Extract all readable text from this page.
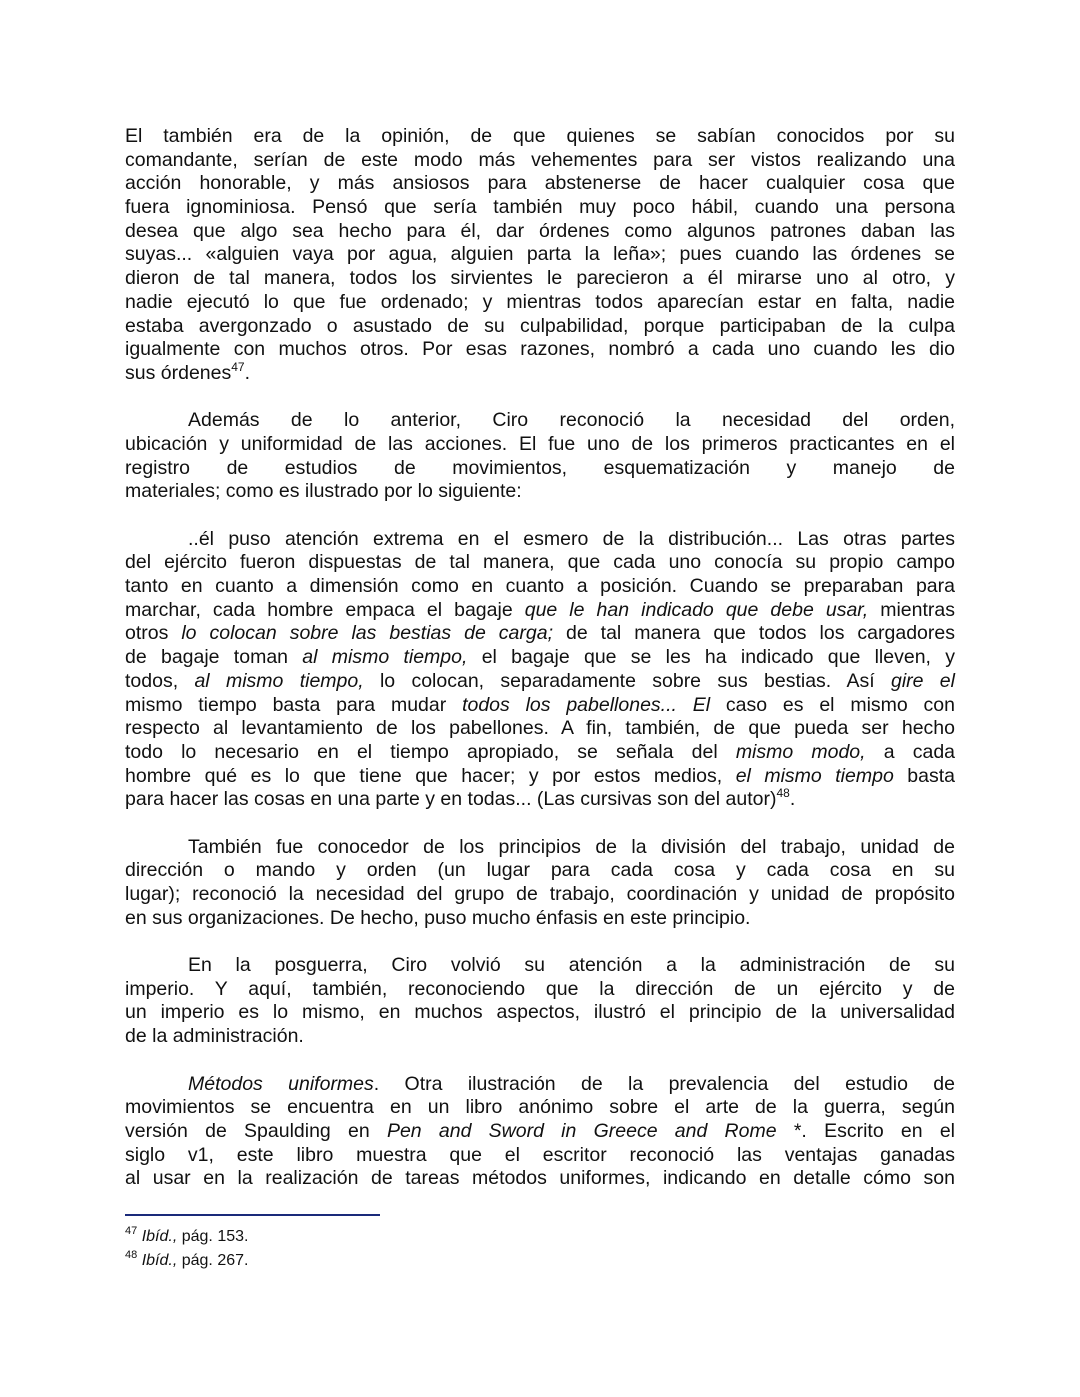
El también era de la opinión, de que quienes se sabían conocidos por su
comandante, serían de este modo más vehementes para ser vistos realizando una
acción honorable, y más ansiosos para abstenerse de hacer cualquier cosa que
fuera ignominiosa. Pensó que sería también muy poco hábil, cuando una persona
desea que algo sea hecho para él, dar órdenes como algunos patrones daban las
suyas... «alguien vaya por agua, alguien parta la leña»; pues cuando las órdenes se
dieron de tal manera, todos los sirvientes le parecieron a él mirarse uno al otro, y
nadie ejecutó lo que fue ordenado; y mientras todos aparecían estar en falta, nadie
estaba avergonzado o asustado de su culpabilidad, porque participaban de la culpa
igualmente con muchos otros. Por esas razones, nombró a cada uno cuando les dio
sus órdenes$^{47}$.
Además de lo anterior, Ciro reconoció la necesidad del orden,
ubicación y uniformidad de las acciones. El fue uno de los primeros practicantes en el
registro de estudios de movimientos, esquematización y manejo de
materiales; como es ilustrado por lo siguiente:
..él puso atención extrema en el esmero de la distribución... Las otras partes
del ejército fueron dispuestas de tal manera, que cada uno conocía su propio campo
tanto en cuanto a dimensión como en cuanto a posición. Cuando se preparaban para
marchar, cada hombre empaca el bagaje que le han indicado que debe usar, mientras
otros lo colocan sobre las bestias de carga; de tal manera que todos los cargadores
de bagaje toman al mismo tiempo, el bagaje que se les ha indicado que lleven, y
todos, al mismo tiempo, lo colocan, separadamente sobre sus bestias. Así gire el
mismo tiempo basta para mudar todos los pabellones... El caso es el mismo con
respecto al levantamiento de los pabellones. A fin, también, de que pueda ser hecho
todo lo necesario en el tiempo apropiado, se señala del mismo modo, a cada
hombre qué es lo que tiene que hacer; y por estos medios, el mismo tiempo basta
para hacer las cosas en una parte y en todas... (Las cursivas son del autor)$^{48}$.
También fue conocedor de los principios de la división del trabajo, unidad de
dirección o mando y orden (un lugar para cada cosa y cada cosa en su
lugar); reconoció la necesidad del grupo de trabajo, coordinación y unidad de propósito
en sus organizaciones. De hecho, puso mucho énfasis en este principio.
En la posguerra, Ciro volvió su atención a la administración de su
imperio. Y aquí, también, reconociendo que la dirección de un ejército y de
un imperio es lo mismo, en muchos aspectos, ilustró el principio de la universalidad
de la administración.
Métodos uniformes. Otra ilustración de la prevalencia del estudio de
movimientos se encuentra en un libro anónimo sobre el arte de la guerra, según
versión de Spaulding en Pen and Sword in Greece and Rome *. Escrito en el
siglo v1, este libro muestra que el escritor reconoció las ventajas ganadas
al usar en la realización de tareas métodos uniformes, indicando en detalle cómo son
$^{47}$ Ibíd., pág. 153.
$^{48}$ Ibíd., pág. 267.
